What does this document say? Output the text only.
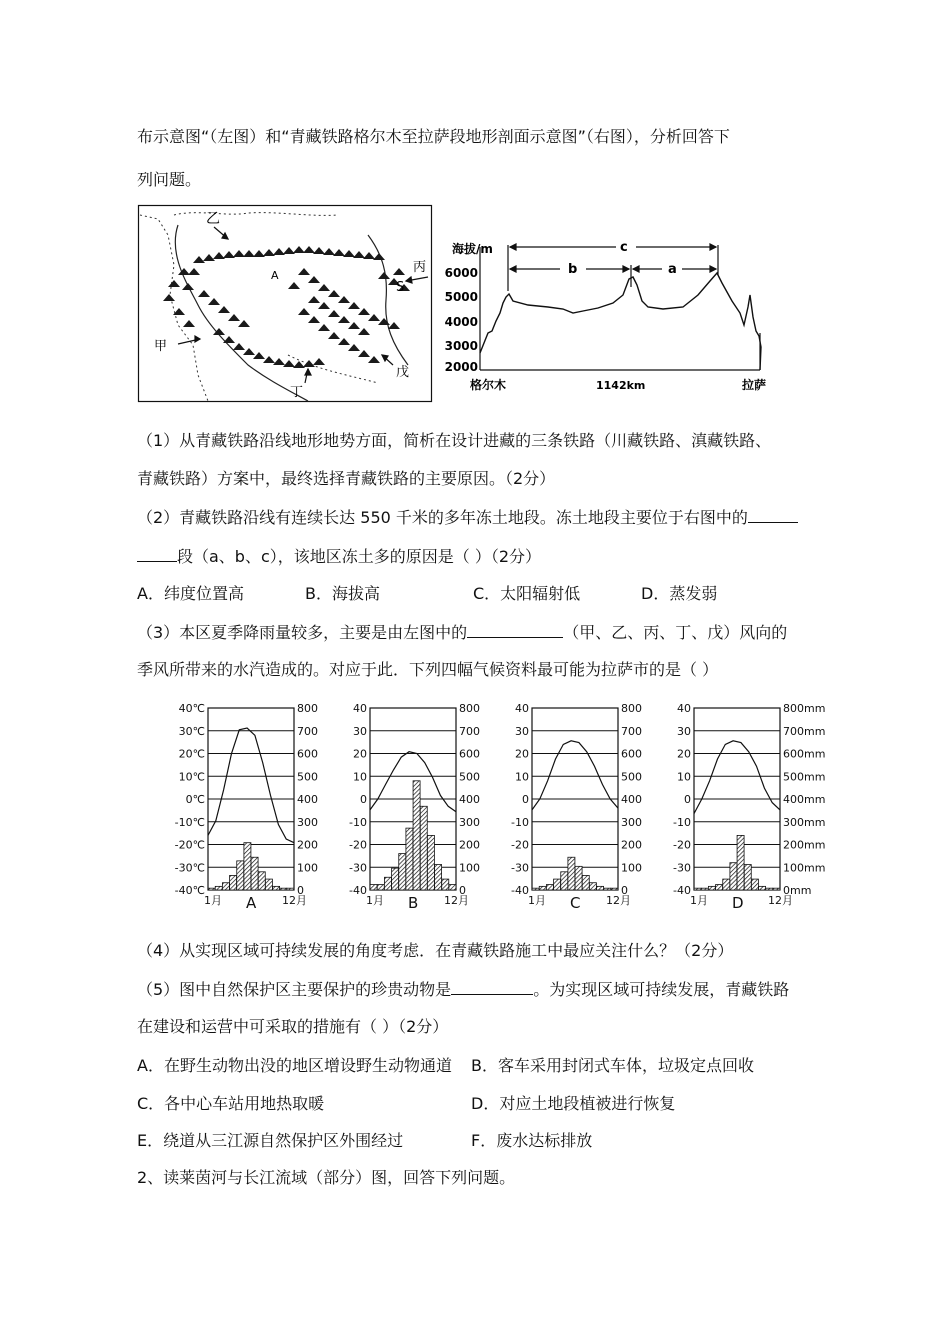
布示意图“（左图）和“青藏铁路格尔木至拉萨段地形剖面示意图”（右图），分析回答下
列问题。
乙
A
丙
S
甲
丁
戊
海拔/m
6000
5000
4000
3000
2000
c
b	a
格尔木	1142km	拉萨
（1）从青藏铁路沿线地形地势方面，简析在设计进藏的三条铁路（川藏铁路、滇藏铁路、
青藏铁路）方案中，最终选择青藏铁路的主要原因。（2分）
（2）青藏铁路沿线有连续长达 550 千米的多年冻土地段。冻土地段主要位于右图中的
段（a、b、c），该地区冻土多的原因是（ ）（2分）
A．纬度位置高	B．海拔高	C．太阳辐射低	D．蒸发弱
（3）本区夏季降雨量较多，主要是由左图中的	（甲、乙、丙、丁、戊）风向的
季风所带来的水汽造成的。对应于此．下列四幅气候资料最可能为拉萨市的是（ ）
40℃
30℃
20℃
10℃
0℃
-10℃
-20℃
-30℃
-40℃
800
700
600
500
400
300
200
100
0
1月	12月
A
40
30
20
10
0
-10
-20
-30
-40
800
700
600
500
400
300
200
100
0
1月	12月
B
40
30
20
10
0
-10
-20
-30
-40
800
700
600
500
400
300
200
100
0
1月	12月
C
40
30
20
10
0
-10
-20
-30
-40
800mm
700mm
600mm
500mm
400mm
300mm
200mm
100mm
0mm
1月	12月
D
（4）从实现区域可持续发展的角度考虑．在青藏铁路施工中最应关注什么？（2分）
（5）图中自然保护区主要保护的珍贵动物是	。为实现区域可持续发展，青藏铁路
在建设和运营中可采取的措施有（ ）（2分）
A．在野生动物出没的地区增设野生动物通道 B．客车采用封闭式车体，垃圾定点回收
C．各中心车站用地热取暖	D．对应土地段植被进行恢复
E．绕道从三江源自然保护区外围经过	F．废水达标排放
2、读莱茵河与长江流域（部分）图，回答下列问题。
